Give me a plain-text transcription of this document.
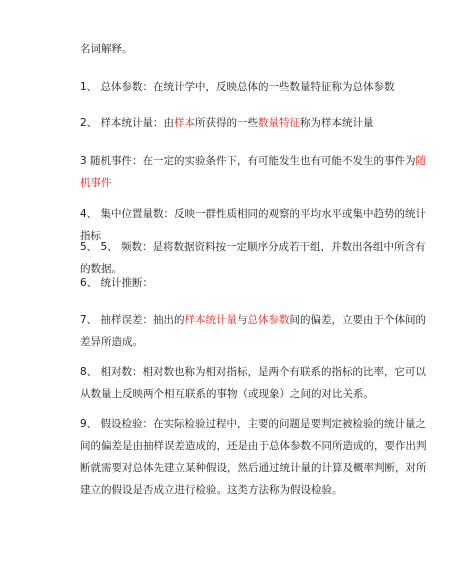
名词解释。
1、 总体参数：在统计学中，反映总体的一些数量特征称为总体参数
2、 样本统计量：由样本所获得的一些数量特征称为样本统计量
3 随机事件：在一定的实验条件下，有可能发生也有可能不发生的事件为随机事件
4、 集中位置量数：反映一群性质相同的观察的平均水平或集中趋势的统计指标
5、 5、 频数：是将数据资料按一定顺序分成若干组，并数出各组中所含有的数据。
6、 统计推断：
7、 抽样误差：抽出的样本统计量与总体参数间的偏差，立要由于个体间的差异所造成。
8、 相对数：相对数也称为相对指标，是两个有联系的指标的比率，它可以从数量上反映两个相互联系的事物（或现象）之间的对比关系。
9、 假设检验：在实际检验过程中，主要的问题是要判定被检验的统计量之间的偏差是由抽样误差造成的，还是由于总体参数不同所造成的，要作出判断就需要对总体先建立某种假设，然后通过统计量的计算及概率判断，对所建立的假设是否成立进行检验。这类方法称为假设检验。
